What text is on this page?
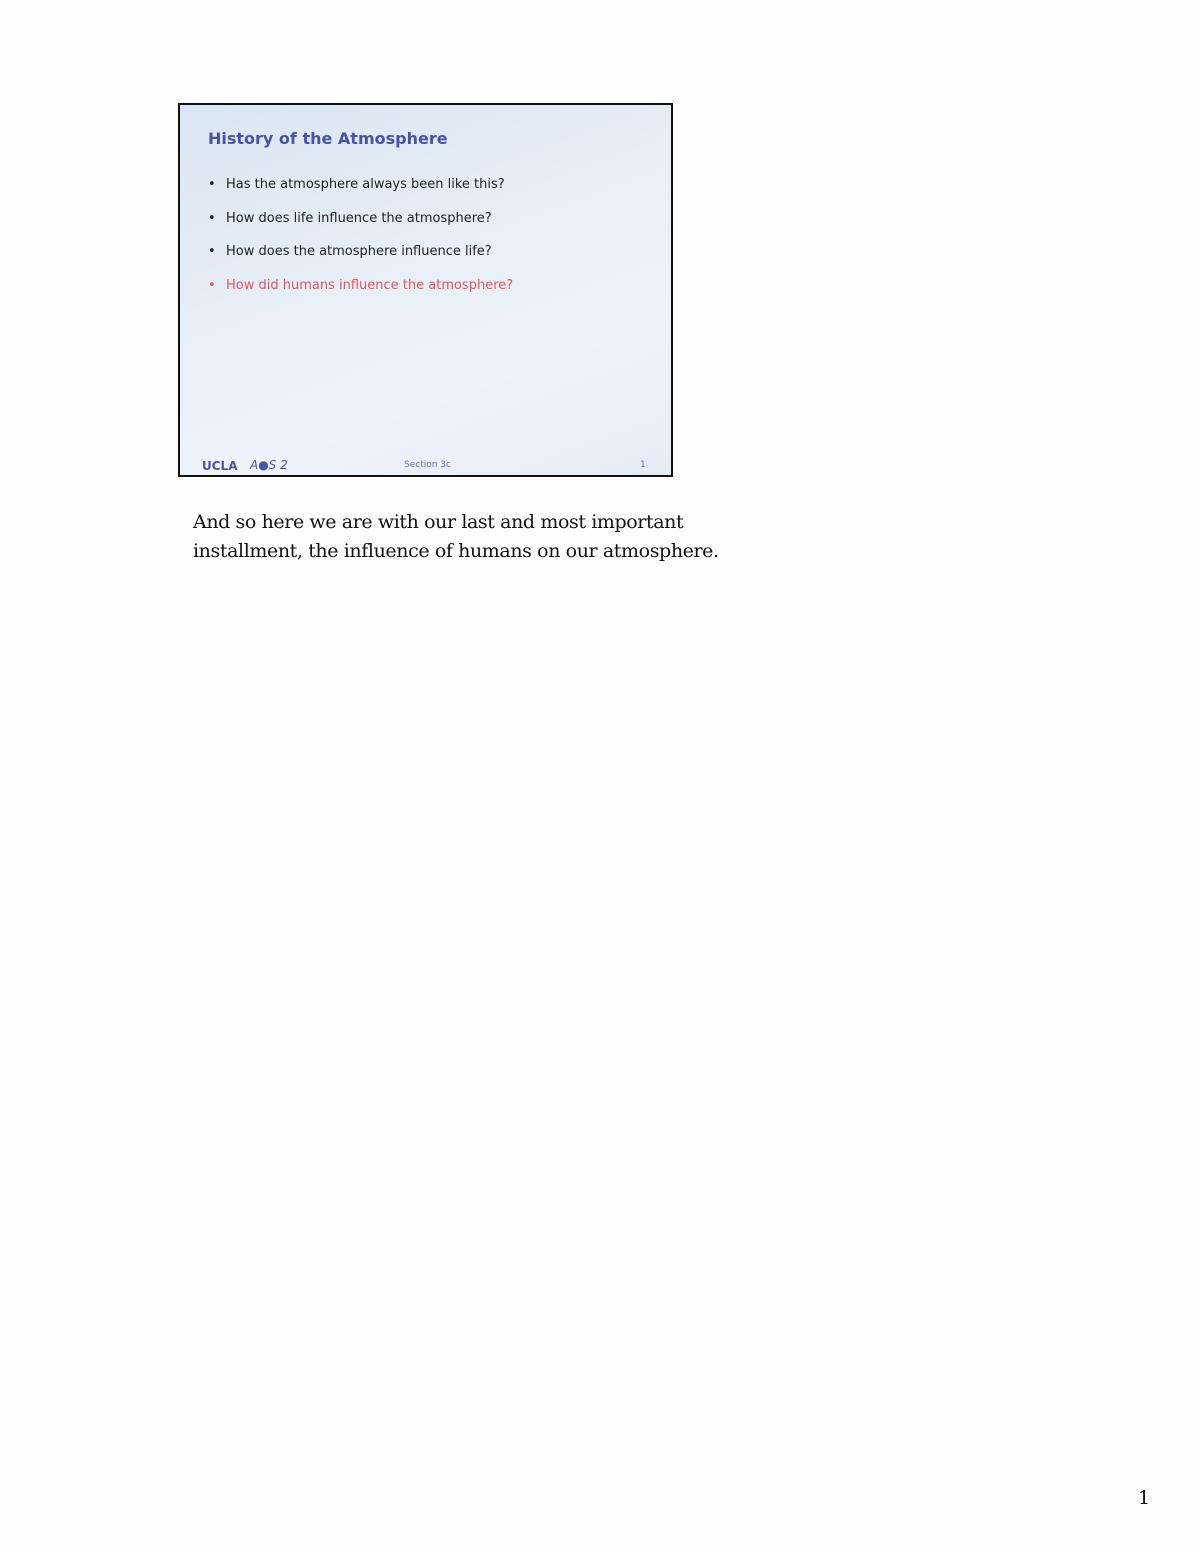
History of the Atmosphere
• Has the atmosphere always been like this?
• How does life influence the atmosphere?
• How does the atmosphere influence life?
• How did humans influence the atmosphere?
UCLA A●S 2	Section 3c	1
And so here we are with our last and most important installment, the influence of humans on our atmosphere.
1
